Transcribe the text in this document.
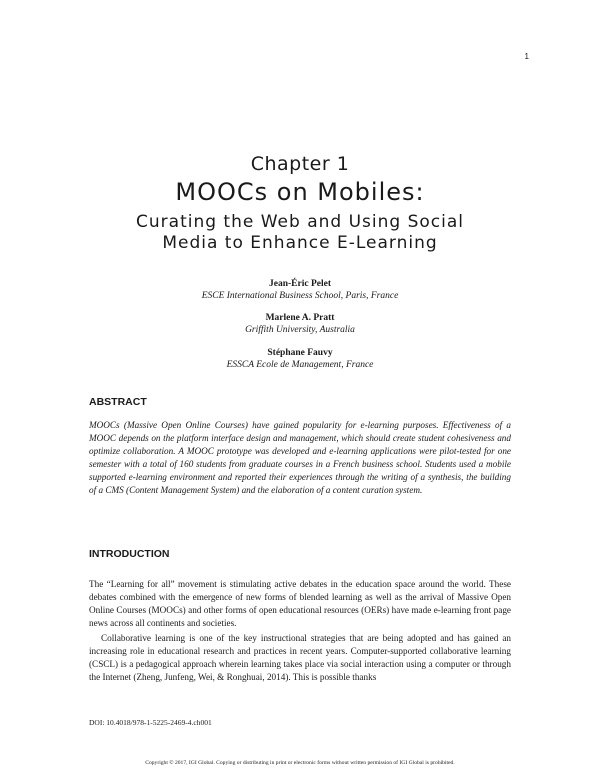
1
Chapter 1
MOOCs on Mobiles:
Curating the Web and Using Social
Media to Enhance E-Learning
Jean-Éric Pelet
ESCE International Business School, Paris, France
Marlene A. Pratt
Griffith University, Australia
Stéphane Fauvy
ESSCA Ecole de Management, France
ABSTRACT
MOOCs (Massive Open Online Courses) have gained popularity for e-learning purposes. Effectiveness of a MOOC depends on the platform interface design and management, which should create student cohesiveness and optimize collaboration. A MOOC prototype was developed and e-learning applications were pilot-tested for one semester with a total of 160 students from graduate courses in a French business school. Students used a mobile supported e-learning environment and reported their experiences through the writing of a synthesis, the building of a CMS (Content Management System) and the elaboration of a content curation system.
INTRODUCTION
The “Learning for all” movement is stimulating active debates in the education space around the world. These debates combined with the emergence of new forms of blended learning as well as the arrival of Massive Open Online Courses (MOOCs) and other forms of open educational resources (OERs) have made e-learning front page news across all continents and societies.
Collaborative learning is one of the key instructional strategies that are being adopted and has gained an increasing role in educational research and practices in recent years. Computer-supported collaborative learning (CSCL) is a pedagogical approach wherein learning takes place via social interaction using a computer or through the Internet (Zheng, Junfeng, Wei, & Ronghuai, 2014). This is possible thanks
DOI: 10.4018/978-1-5225-2469-4.ch001
Copyright © 2017, IGI Global. Copying or distributing in print or electronic forms without written permission of IGI Global is prohibited.
